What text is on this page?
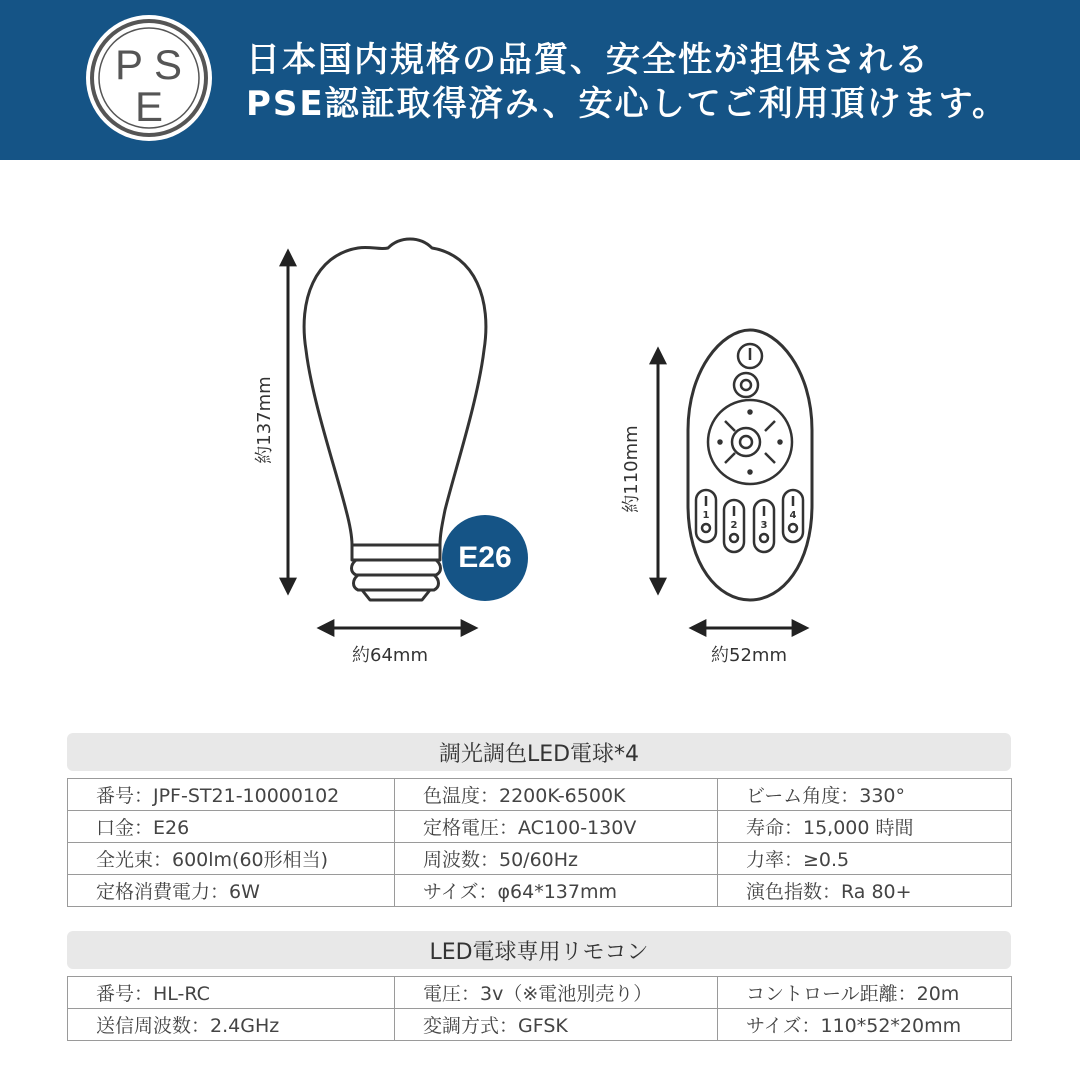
P S
E
日本国内規格の品質、安全性が担保される
PSE認証取得済み、安心してご利用頂けます。
1
2 3
4
約137mm
約64mm
E26
約110mm
約52mm
調光調色LED電球*4
番号：JPF-ST21-10000102	色温度：2200K-6500K	ビーム角度：330°
口金：E26	定格電圧：AC100-130V	寿命：15,000 時間
全光束：600lm(60形相当)	周波数：50/60Hz	力率：≥0.5
定格消費電力：6W	サイズ：φ64*137mm	演色指数：Ra 80+
LED電球専用リモコン
番号：HL-RC	電圧：3v（※電池別売り）	コントロール距離：20m
送信周波数：2.4GHz	変調方式：GFSK	サイズ：110*52*20mm
